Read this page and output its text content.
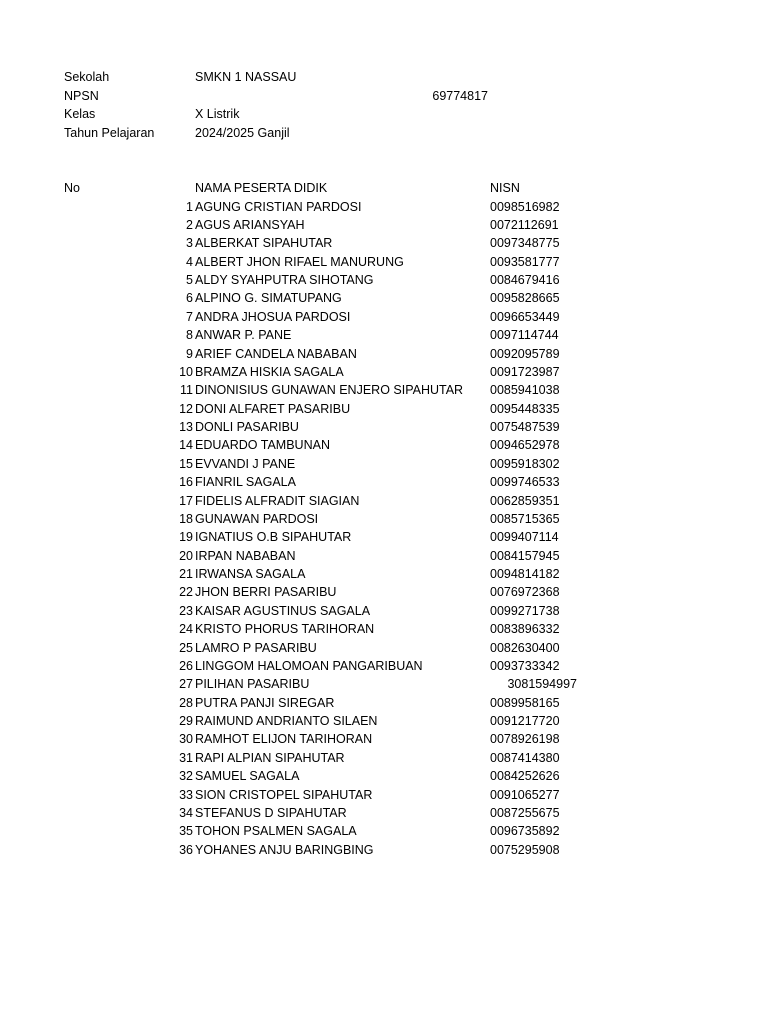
Sekolah	SMKN 1 NASSAU
NPSN	69774817
Kelas	X Listrik
Tahun Pelajaran	2024/2025 Ganjil
No	NAMA PESERTA DIDIK	NISN
1 AGUNG CRISTIAN PARDOSI	0098516982
2 AGUS ARIANSYAH	0072112691
3 ALBERKAT SIPAHUTAR	0097348775
4 ALBERT JHON RIFAEL MANURUNG	0093581777
5 ALDY SYAHPUTRA SIHOTANG	0084679416
6 ALPINO G. SIMATUPANG	0095828665
7 ANDRA JHOSUA PARDOSI	0096653449
8 ANWAR P. PANE	0097114744
9 ARIEF CANDELA NABABAN	0092095789
10 BRAMZA HISKIA SAGALA	0091723987
11 DINONISIUS GUNAWAN ENJERO SIPAHUTAR 0085941038
12 DONI ALFARET PASARIBU	0095448335
13 DONLI PASARIBU	0075487539
14 EDUARDO TAMBUNAN	0094652978
15 EVVANDI J PANE	0095918302
16 FIANRIL SAGALA	0099746533
17 FIDELIS ALFRADIT SIAGIAN	0062859351
18 GUNAWAN PARDOSI	0085715365
19 IGNATIUS O.B SIPAHUTAR	0099407114
20 IRPAN NABABAN	0084157945
21 IRWANSA SAGALA	0094814182
22 JHON BERRI PASARIBU	0076972368
23 KAISAR AGUSTINUS SAGALA	0099271738
24 KRISTO PHORUS TARIHORAN	0083896332
25 LAMRO P PASARIBU	0082630400
26 LINGGOM HALOMOAN PANGARIBUAN	0093733342
27 PILIHAN PASARIBU	3081594997
28 PUTRA PANJI SIREGAR	0089958165
29 RAIMUND ANDRIANTO SILAEN	0091217720
30 RAMHOT ELIJON TARIHORAN	0078926198
31 RAPI ALPIAN SIPAHUTAR	0087414380
32 SAMUEL SAGALA	0084252626
33 SION CRISTOPEL SIPAHUTAR	0091065277
34 STEFANUS D SIPAHUTAR	0087255675
35 TOHON PSALMEN SAGALA	0096735892
36 YOHANES ANJU BARINGBING	0075295908
